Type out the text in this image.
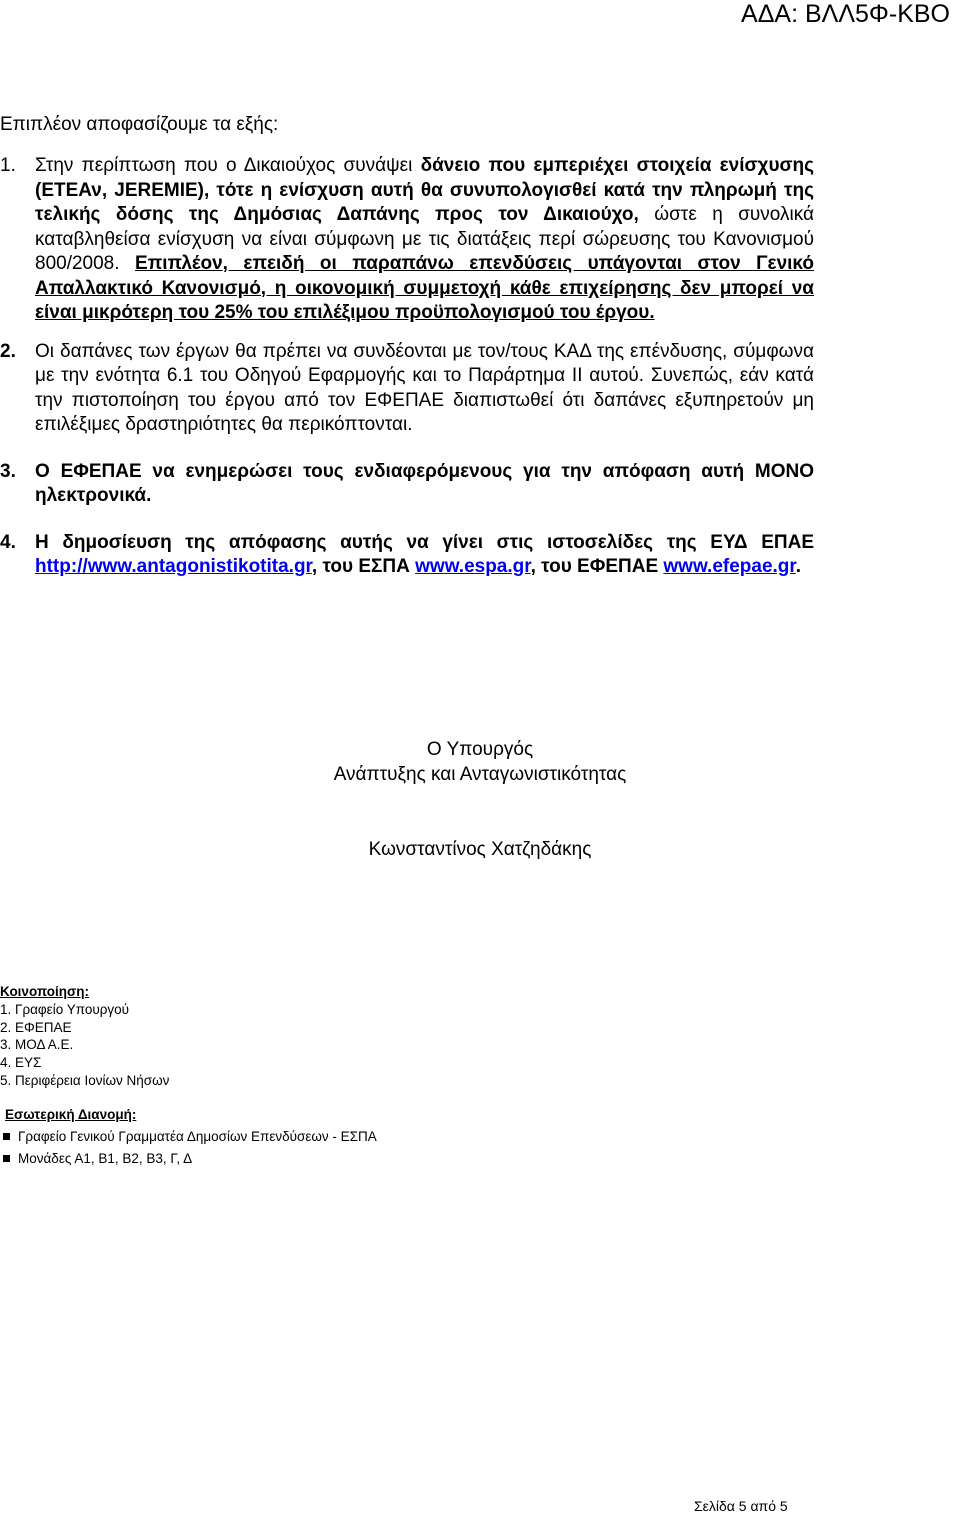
ΑΔΑ: ΒΛΛ5Φ-ΚΒΟ
Επιπλέον αποφασίζουμε τα εξής:
1. Στην περίπτωση που ο Δικαιούχος συνάψει δάνειο που εμπεριέχει στοιχεία ενίσχυσης (ΕΤΕΑν, JEREMIE), τότε η ενίσχυση αυτή θα συνυπολογισθεί κατά την πληρωμή της τελικής δόσης της Δημόσιας Δαπάνης προς τον Δικαιούχο, ώστε η συνολικά καταβληθείσα ενίσχυση να είναι σύμφωνη με τις διατάξεις περί σώρευσης του Κανονισμού 800/2008. Επιπλέον, επειδή οι παραπάνω επενδύσεις υπάγονται στον Γενικό Απαλλακτικό Κανονισμό, η οικονομική συμμετοχή κάθε επιχείρησης δεν μπορεί να είναι μικρότερη του 25% του επιλέξιμου προϋπολογισμού του έργου.

2. Οι δαπάνες των έργων θα πρέπει να συνδέονται με τον/τους ΚΑΔ της επένδυσης, σύμφωνα με την ενότητα 6.1 του Οδηγού Εφαρμογής και το Παράρτημα ΙΙ αυτού. Συνεπώς, εάν κατά την πιστοποίηση του έργου από τον ΕΦΕΠΑΕ διαπιστωθεί ότι δαπάνες εξυπηρετούν μη επιλέξιμες δραστηριότητες θα περικόπτονται.

3. Ο ΕΦΕΠΑΕ να ενημερώσει τους ενδιαφερόμενους για την απόφαση αυτή ΜΟΝΟ ηλεκτρονικά.

4. Η δημοσίευση της απόφασης αυτής να γίνει στις ιστοσελίδες της ΕΥΔ ΕΠΑΕ http://www.antagonistikotita.gr, του ΕΣΠΑ www.espa.gr, του ΕΦΕΠΑΕ www.efepae.gr.

Ο Υπουργός
Ανάπτυξης και Ανταγωνιστικότητας
Κωνσταντίνος Χατζηδάκης
Κοινοποίηση:
1. Γραφείο Υπουργού
2. ΕΦΕΠΑΕ
3. ΜΟΔ Α.Ε.
4. ΕΥΣ
5. Περιφέρεια Ιονίων Νήσων
Εσωτερική Διανομή:
Γραφείο Γενικού Γραμματέα Δημοσίων Επενδύσεων - ΕΣΠΑ
Μονάδες Α1, Β1, Β2, Β3, Γ, Δ
Σελίδα 5 από 5
